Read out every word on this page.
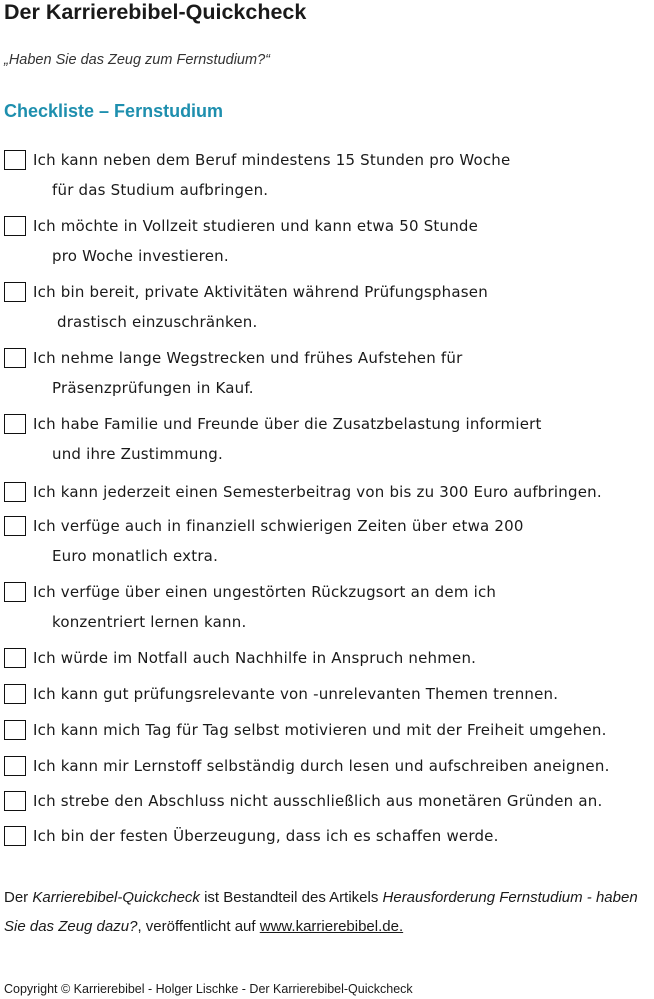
Der Karrierebibel-Quickcheck
„Haben Sie das Zeug zum Fernstudium?“
Checkliste – Fernstudium
Ich kann neben dem Beruf mindestens 15 Stunden pro Woche
für das Studium aufbringen.
Ich möchte in Vollzeit studieren und kann etwa 50 Stunde
pro Woche investieren.
Ich bin bereit, private Aktivitäten während Prüfungsphasen
drastisch einzuschränken.
Ich nehme lange Wegstrecken und frühes Aufstehen für
Präsenzprüfungen in Kauf.
Ich habe Familie und Freunde über die Zusatzbelastung informiert
und ihre Zustimmung.
Ich kann jederzeit einen Semesterbeitrag von bis zu 300 Euro aufbringen.
Ich verfüge auch in finanziell schwierigen Zeiten über etwa 200
Euro monatlich extra.
Ich verfüge über einen ungestörten Rückzugsort an dem ich
konzentriert lernen kann.
Ich würde im Notfall auch Nachhilfe in Anspruch nehmen.
Ich kann gut prüfungsrelevante von -unrelevanten Themen trennen.
Ich kann mich Tag für Tag selbst motivieren und mit der Freiheit umgehen.
Ich kann mir Lernstoff selbständig durch lesen und aufschreiben aneignen.
Ich strebe den Abschluss nicht ausschließlich aus monetären Gründen an.
Ich bin der festen Überzeugung, dass ich es schaffen werde.
Der Karrierebibel-Quickcheck ist Bestandteil des Artikels Herausforderung Fernstudium - haben Sie das Zeug dazu?, veröffentlicht auf www.karrierebibel.de.
Copyright © Karrierebibel - Holger Lischke - Der Karrierebibel-Quickcheck
